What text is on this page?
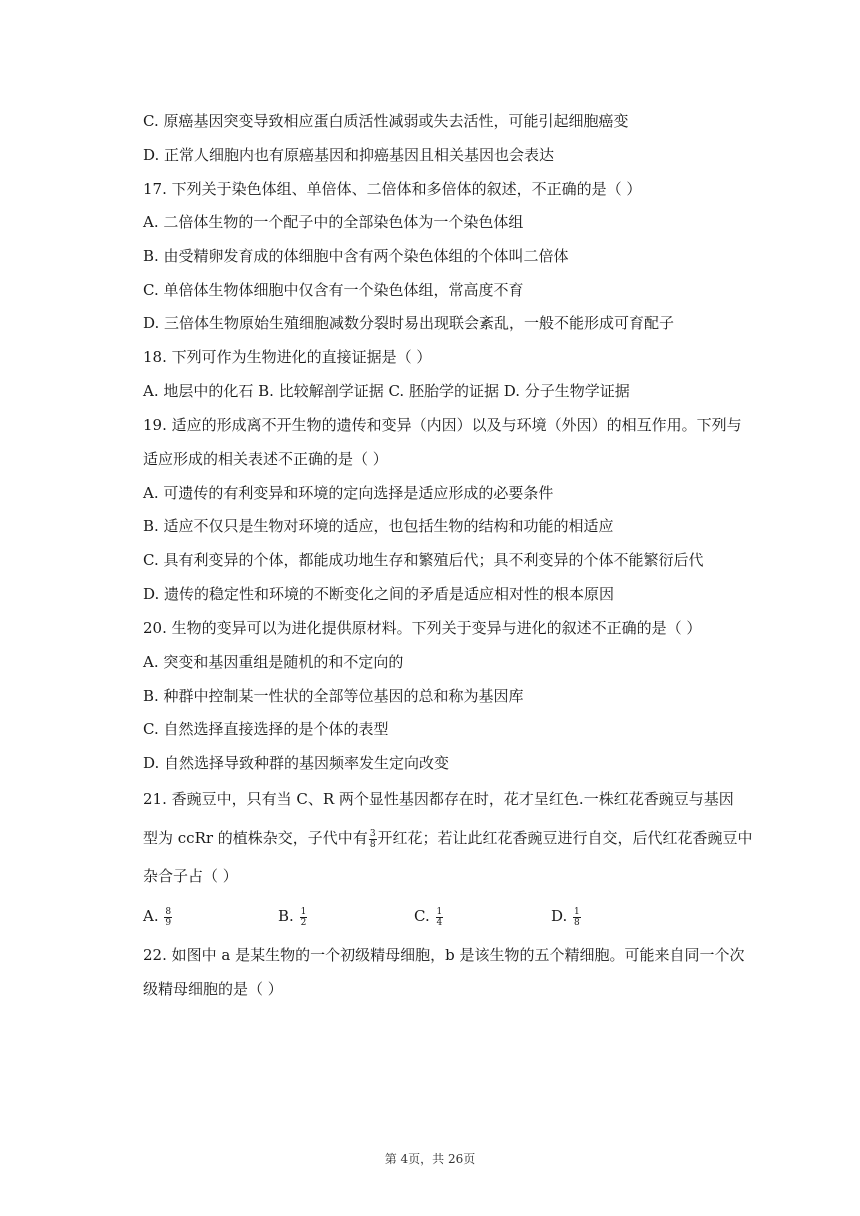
C. 原癌基因突变导致相应蛋白质活性减弱或失去活性，可能引起细胞癌变
D. 正常人细胞内也有原癌基因和抑癌基因且相关基因也会表达
17. 下列关于染色体组、单倍体、二倍体和多倍体的叙述，不正确的是（ ）
A. 二倍体生物的一个配子中的全部染色体为一个染色体组
B. 由受精卵发育成的体细胞中含有两个染色体组的个体叫二倍体
C. 单倍体生物体细胞中仅含有一个染色体组，常高度不育
D. 三倍体生物原始生殖细胞减数分裂时易出现联会紊乱，一般不能形成可育配子
18. 下列可作为生物进化的直接证据是（ ）
A. 地层中的化石 B. 比较解剖学证据 C. 胚胎学的证据 D. 分子生物学证据
19. 适应的形成离不开生物的遗传和变异（内因）以及与环境（外因）的相互作用。下列与
适应形成的相关表述不正确的是（ ）
A. 可遗传的有利变异和环境的定向选择是适应形成的必要条件
B. 适应不仅只是生物对环境的适应，也包括生物的结构和功能的相适应
C. 具有利变异的个体，都能成功地生存和繁殖后代；具不利变异的个体不能繁衍后代
D. 遗传的稳定性和环境的不断变化之间的矛盾是适应相对性的根本原因
20. 生物的变异可以为进化提供原材料。下列关于变异与进化的叙述不正确的是（ ）
A. 突变和基因重组是随机的和不定向的
B. 种群中控制某一性状的全部等位基因的总和称为基因库
C. 自然选择直接选择的是个体的表型
D. 自然选择导致种群的基因频率发生定向改变
21. 香豌豆中，只有当 C、R 两个显性基因都存在时，花才呈红色.一株红花香豌豆与基因
型为 ccRr 的植株杂交，子代中有 $\frac{3}{8}$ 开红花；若让此红花香豌豆进行自交，后代红花香豌豆中
杂合子占（ ）
A. $\frac{8}{9}$	B. $\frac{1}{2}$	C. $\frac{1}{4}$	D. $\frac{1}{8}$
22. 如图中 a 是某生物的一个初级精母细胞，b 是该生物的五个精细胞。可能来自同一个次
级精母细胞的是（ ）
第 4页，共 26页
